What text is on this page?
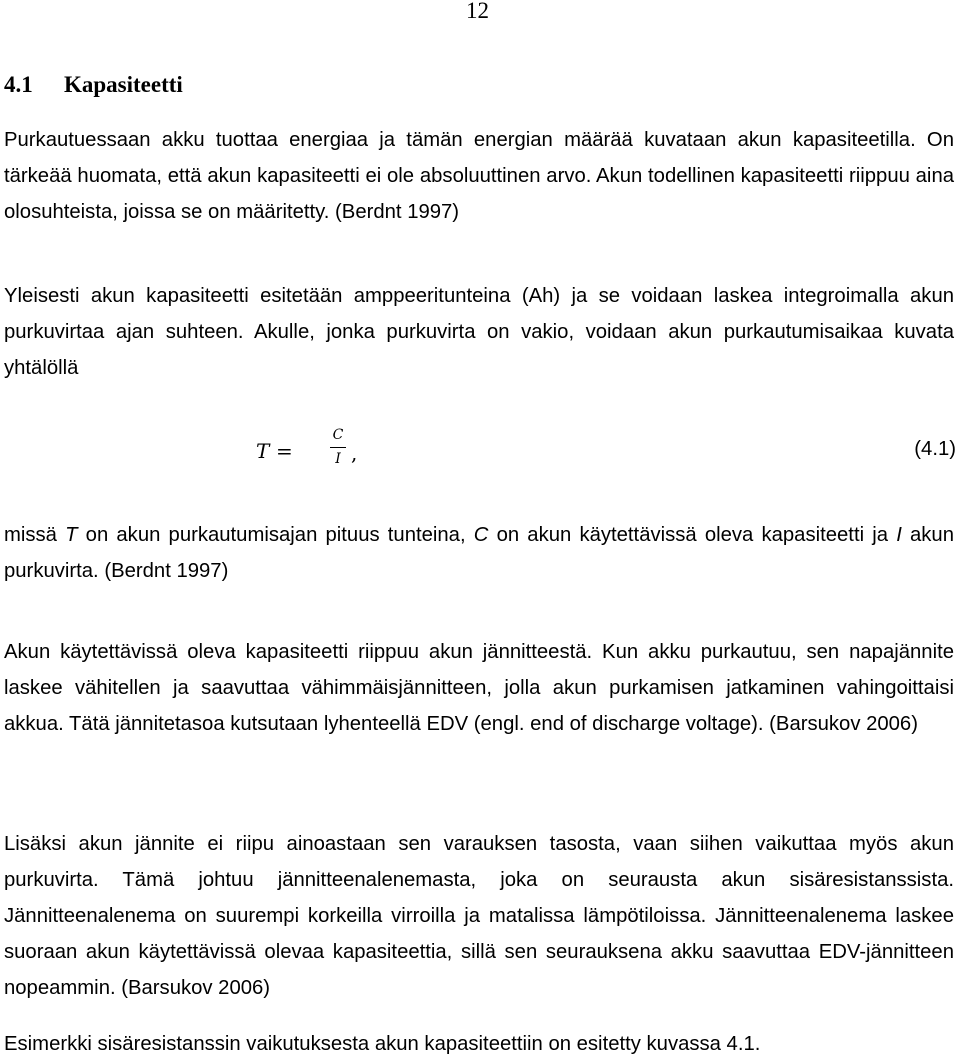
12
4.1 Kapasiteetti

Purkautuessaan akku tuottaa energiaa ja tämän energian määrää kuvataan akun kapasiteetilla. On tärkeää huomata, että akun kapasiteetti ei ole absoluuttinen arvo. Akun todellinen kapasiteetti riippuu aina olosuhteista, joissa se on määritetty. (Berdnt 1997)

Yleisesti akun kapasiteetti esitetään amppeeritunteina (Ah) ja se voidaan laskea integroimalla akun purkuvirtaa ajan suhteen. Akulle, jonka purkuvirta on vakio, voidaan akun purkautumisaikaa kuvata yhtälöllä

T =
C
I ,	(4.1)

missä T on akun purkautumisajan pituus tunteina, C on akun käytettävissä oleva kapasiteetti ja I akun purkuvirta. (Berdnt 1997)

Akun käytettävissä oleva kapasiteetti riippuu akun jännitteestä. Kun akku purkautuu, sen napajännite laskee vähitellen ja saavuttaa vähimmäisjännitteen, jolla akun purkamisen jatkaminen vahingoittaisi akkua. Tätä jännitetasoa kutsutaan lyhenteellä EDV (engl. end of discharge voltage). (Barsukov 2006)

Lisäksi akun jännite ei riipu ainoastaan sen varauksen tasosta, vaan siihen vaikuttaa myös akun purkuvirta. Tämä johtuu jännitteenalenemasta, joka on seurausta akun sisäresistanssista. Jännitteenalenema on suurempi korkeilla virroilla ja matalissa lämpötiloissa. Jännitteenalenema laskee suoraan akun käytettävissä olevaa kapasiteettia, sillä sen seurauksena akku saavuttaa EDV-jännitteen nopeammin. (Barsukov 2006)

Esimerkki sisäresistanssin vaikutuksesta akun kapasiteettiin on esitetty kuvassa 4.1.
